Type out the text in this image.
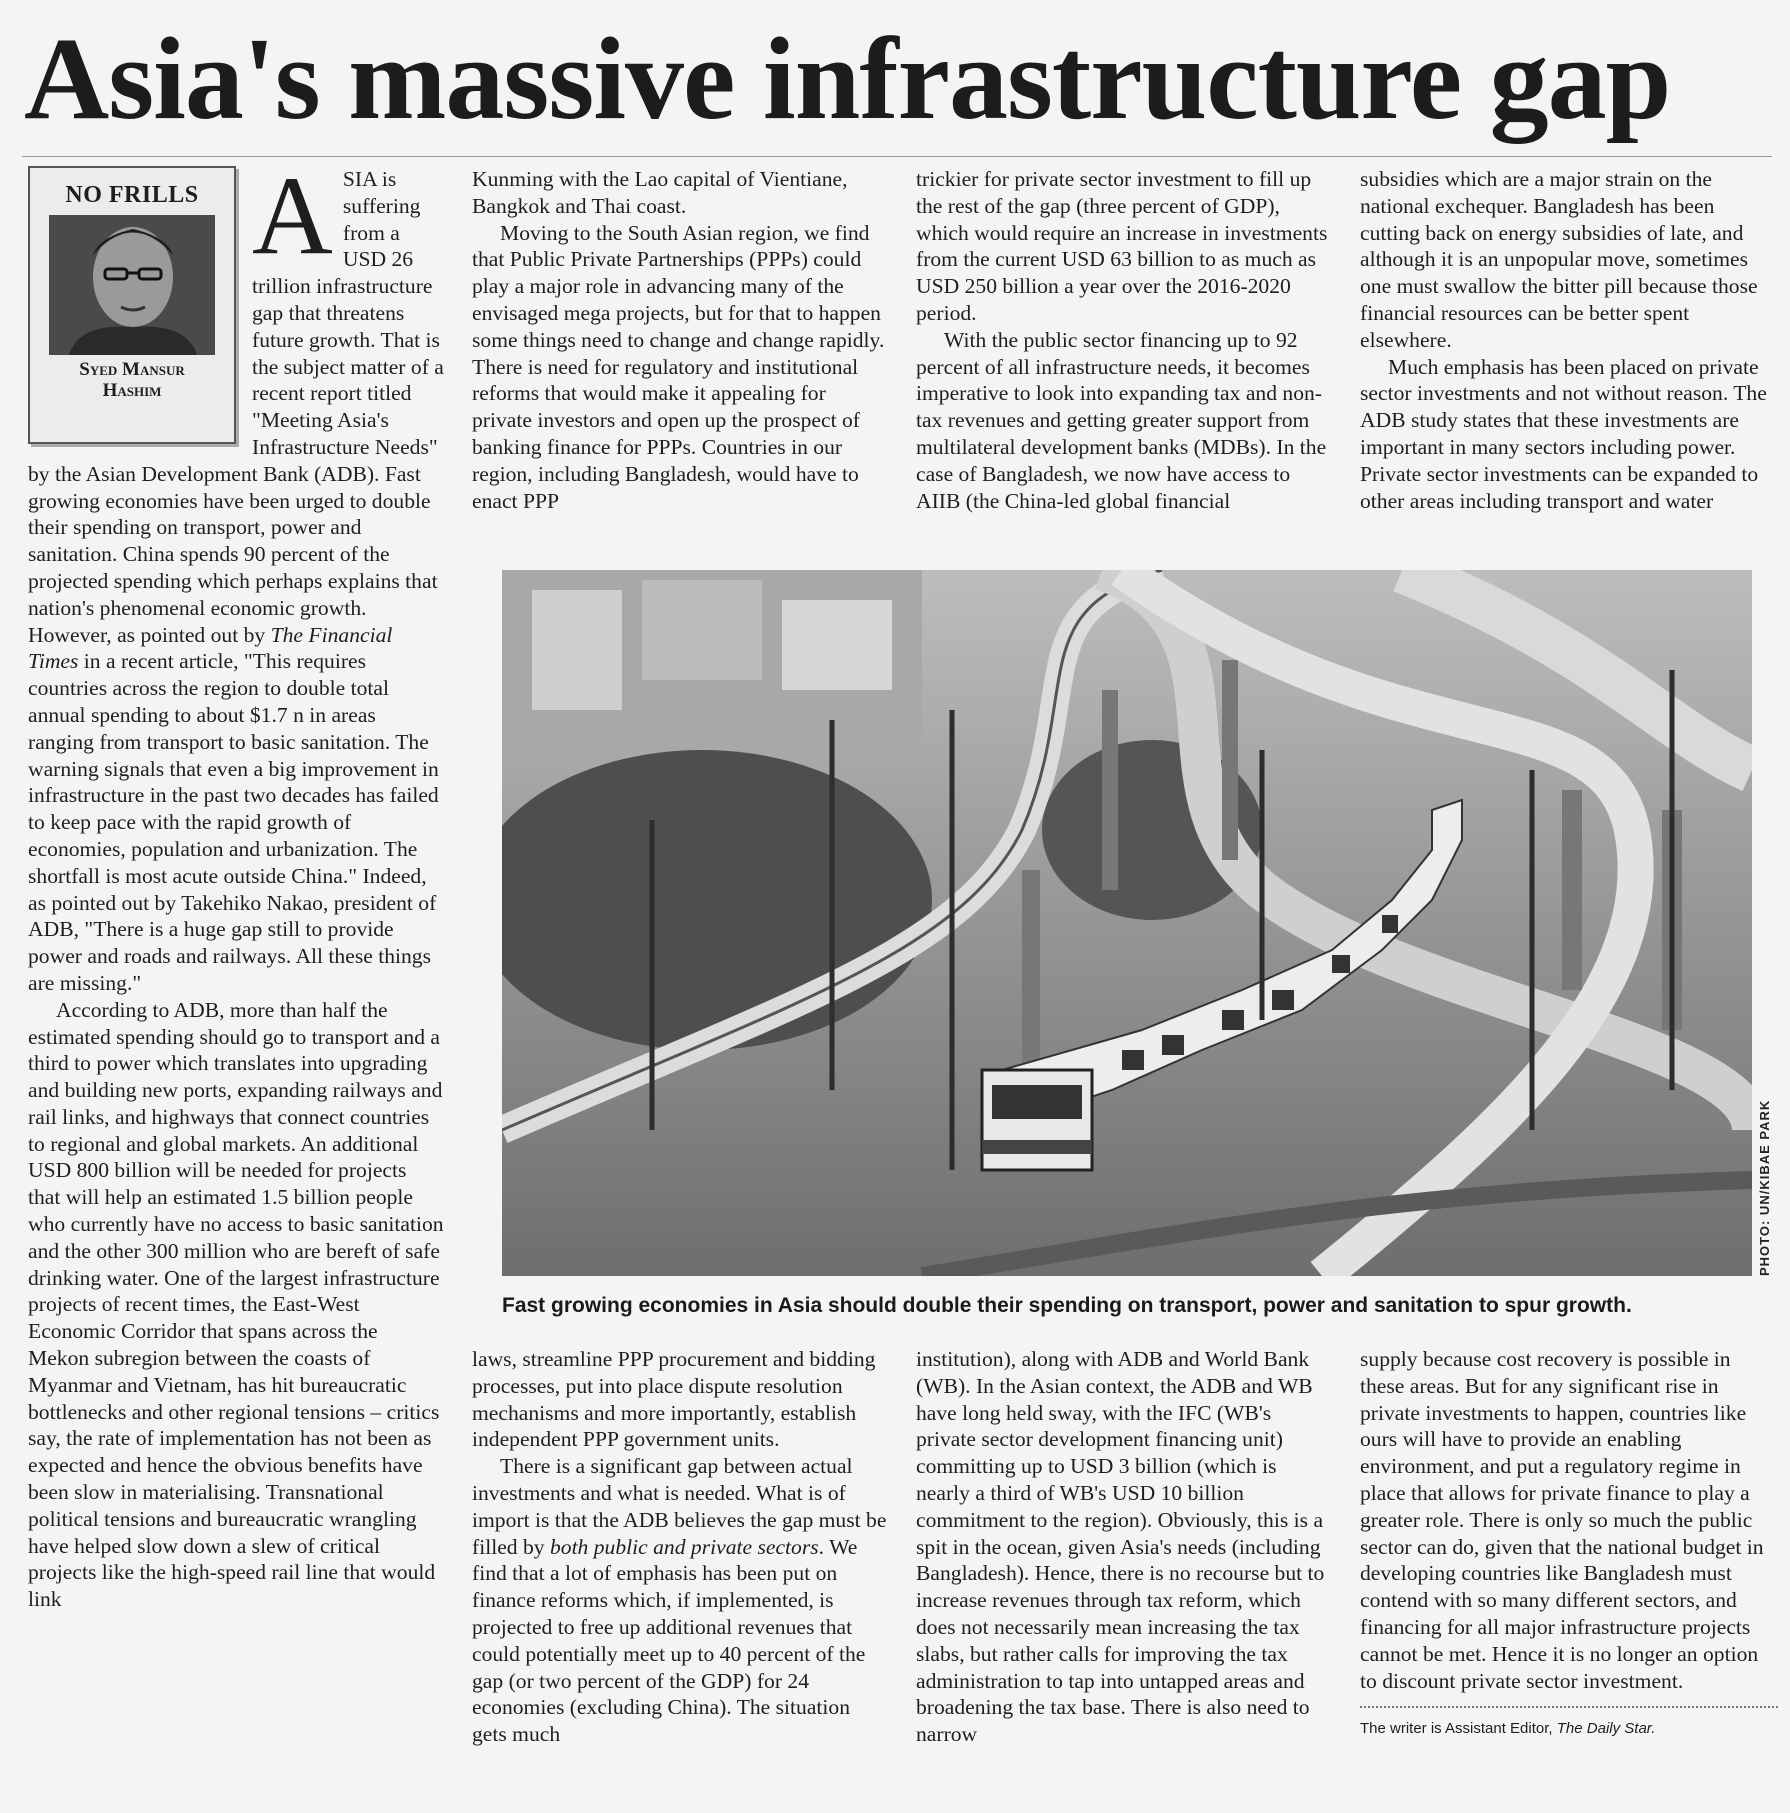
Asia's massive infrastructure gap
NO FRILLS
Syed Mansur
Hashim

ASIA is suffering from a USD 26 trillion infrastructure gap that threatens future growth. That is the subject matter of a recent report titled "Meeting Asia's Infrastructure Needs" by the Asian Development Bank (ADB). Fast growing economies have been urged to double their spending on transport, power and sanitation. China spends 90 percent of the projected spending which perhaps explains that nation's phenomenal economic growth. However, as pointed out by The Financial Times in a recent article, "This requires countries across the region to double total annual spending to about $1.7 n in areas ranging from transport to basic sanitation. The warning signals that even a big improvement in infrastructure in the past two decades has failed to keep pace with the rapid growth of economies, population and urbanization. The shortfall is most acute outside China." Indeed, as pointed out by Takehiko Nakao, president of ADB, "There is a huge gap still to provide power and roads and railways. All these things are missing."

According to ADB, more than half the estimated spending should go to transport and a third to power which translates into upgrading and building new ports, expanding railways and rail links, and highways that connect countries to regional and global markets. An additional USD 800 billion will be needed for projects that will help an estimated 1.5 billion people who currently have no access to basic sanitation and the other 300 million who are bereft of safe drinking water. One of the largest infrastructure projects of recent times, the East-West Economic Corridor that spans across the Mekon subregion between the coasts of Myanmar and Vietnam, has hit bureaucratic bottlenecks and other regional tensions – critics say, the rate of implementation has not been as expected and hence the obvious benefits have been slow in materialising. Transnational political tensions and bureaucratic wrangling have helped slow down a slew of critical projects like the high-speed rail line that would link

Kunming with the Lao capital of Vientiane, Bangkok and Thai coast.

Moving to the South Asian region, we find that Public Private Partnerships (PPPs) could play a major role in advancing many of the envisaged mega projects, but for that to happen some things need to change and change rapidly. There is need for regulatory and institutional reforms that would make it appealing for private investors and open up the prospect of banking finance for PPPs. Countries in our region, including Bangladesh, would have to enact PPP

trickier for private sector investment to fill up the rest of the gap (three percent of GDP), which would require an increase in investments from the current USD 63 billion to as much as USD 250 billion a year over the 2016-2020 period.

With the public sector financing up to 92 percent of all infrastructure needs, it becomes imperative to look into expanding tax and non-tax revenues and getting greater support from multilateral development banks (MDBs). In the case of Bangladesh, we now have access to AIIB (the China-led global financial

subsidies which are a major strain on the national exchequer. Bangladesh has been cutting back on energy subsidies of late, and although it is an unpopular move, sometimes one must swallow the bitter pill because those financial resources can be better spent elsewhere.

Much emphasis has been placed on private sector investments and not without reason. The ADB study states that these investments are important in many sectors including power. Private sector investments can be expanded to other areas including transport and water

PHOTO: UN/KIBAE PARK
Fast growing economies in Asia should double their spending on transport, power and sanitation to spur growth.

laws, streamline PPP procurement and bidding processes, put into place dispute resolution mechanisms and more importantly, establish independent PPP government units.

There is a significant gap between actual investments and what is needed. What is of import is that the ADB believes the gap must be filled by both public and private sectors. We find that a lot of emphasis has been put on finance reforms which, if implemented, is projected to free up additional revenues that could potentially meet up to 40 percent of the gap (or two percent of the GDP) for 24 economies (excluding China). The situation gets much

institution), along with ADB and World Bank (WB). In the Asian context, the ADB and WB have long held sway, with the IFC (WB's private sector development financing unit) committing up to USD 3 billion (which is nearly a third of WB's USD 10 billion commitment to the region). Obviously, this is a spit in the ocean, given Asia's needs (including Bangladesh). Hence, there is no recourse but to increase revenues through tax reform, which does not necessarily mean increasing the tax slabs, but rather calls for improving the tax administration to tap into untapped areas and broadening the tax base. There is also need to narrow

supply because cost recovery is possible in these areas. But for any significant rise in private investments to happen, countries like ours will have to provide an enabling environment, and put a regulatory regime in place that allows for private finance to play a greater role. There is only so much the public sector can do, given that the national budget in developing countries like Bangladesh must contend with so many different sectors, and financing for all major infrastructure projects cannot be met. Hence it is no longer an option to discount private sector investment.

The writer is Assistant Editor, The Daily Star.
